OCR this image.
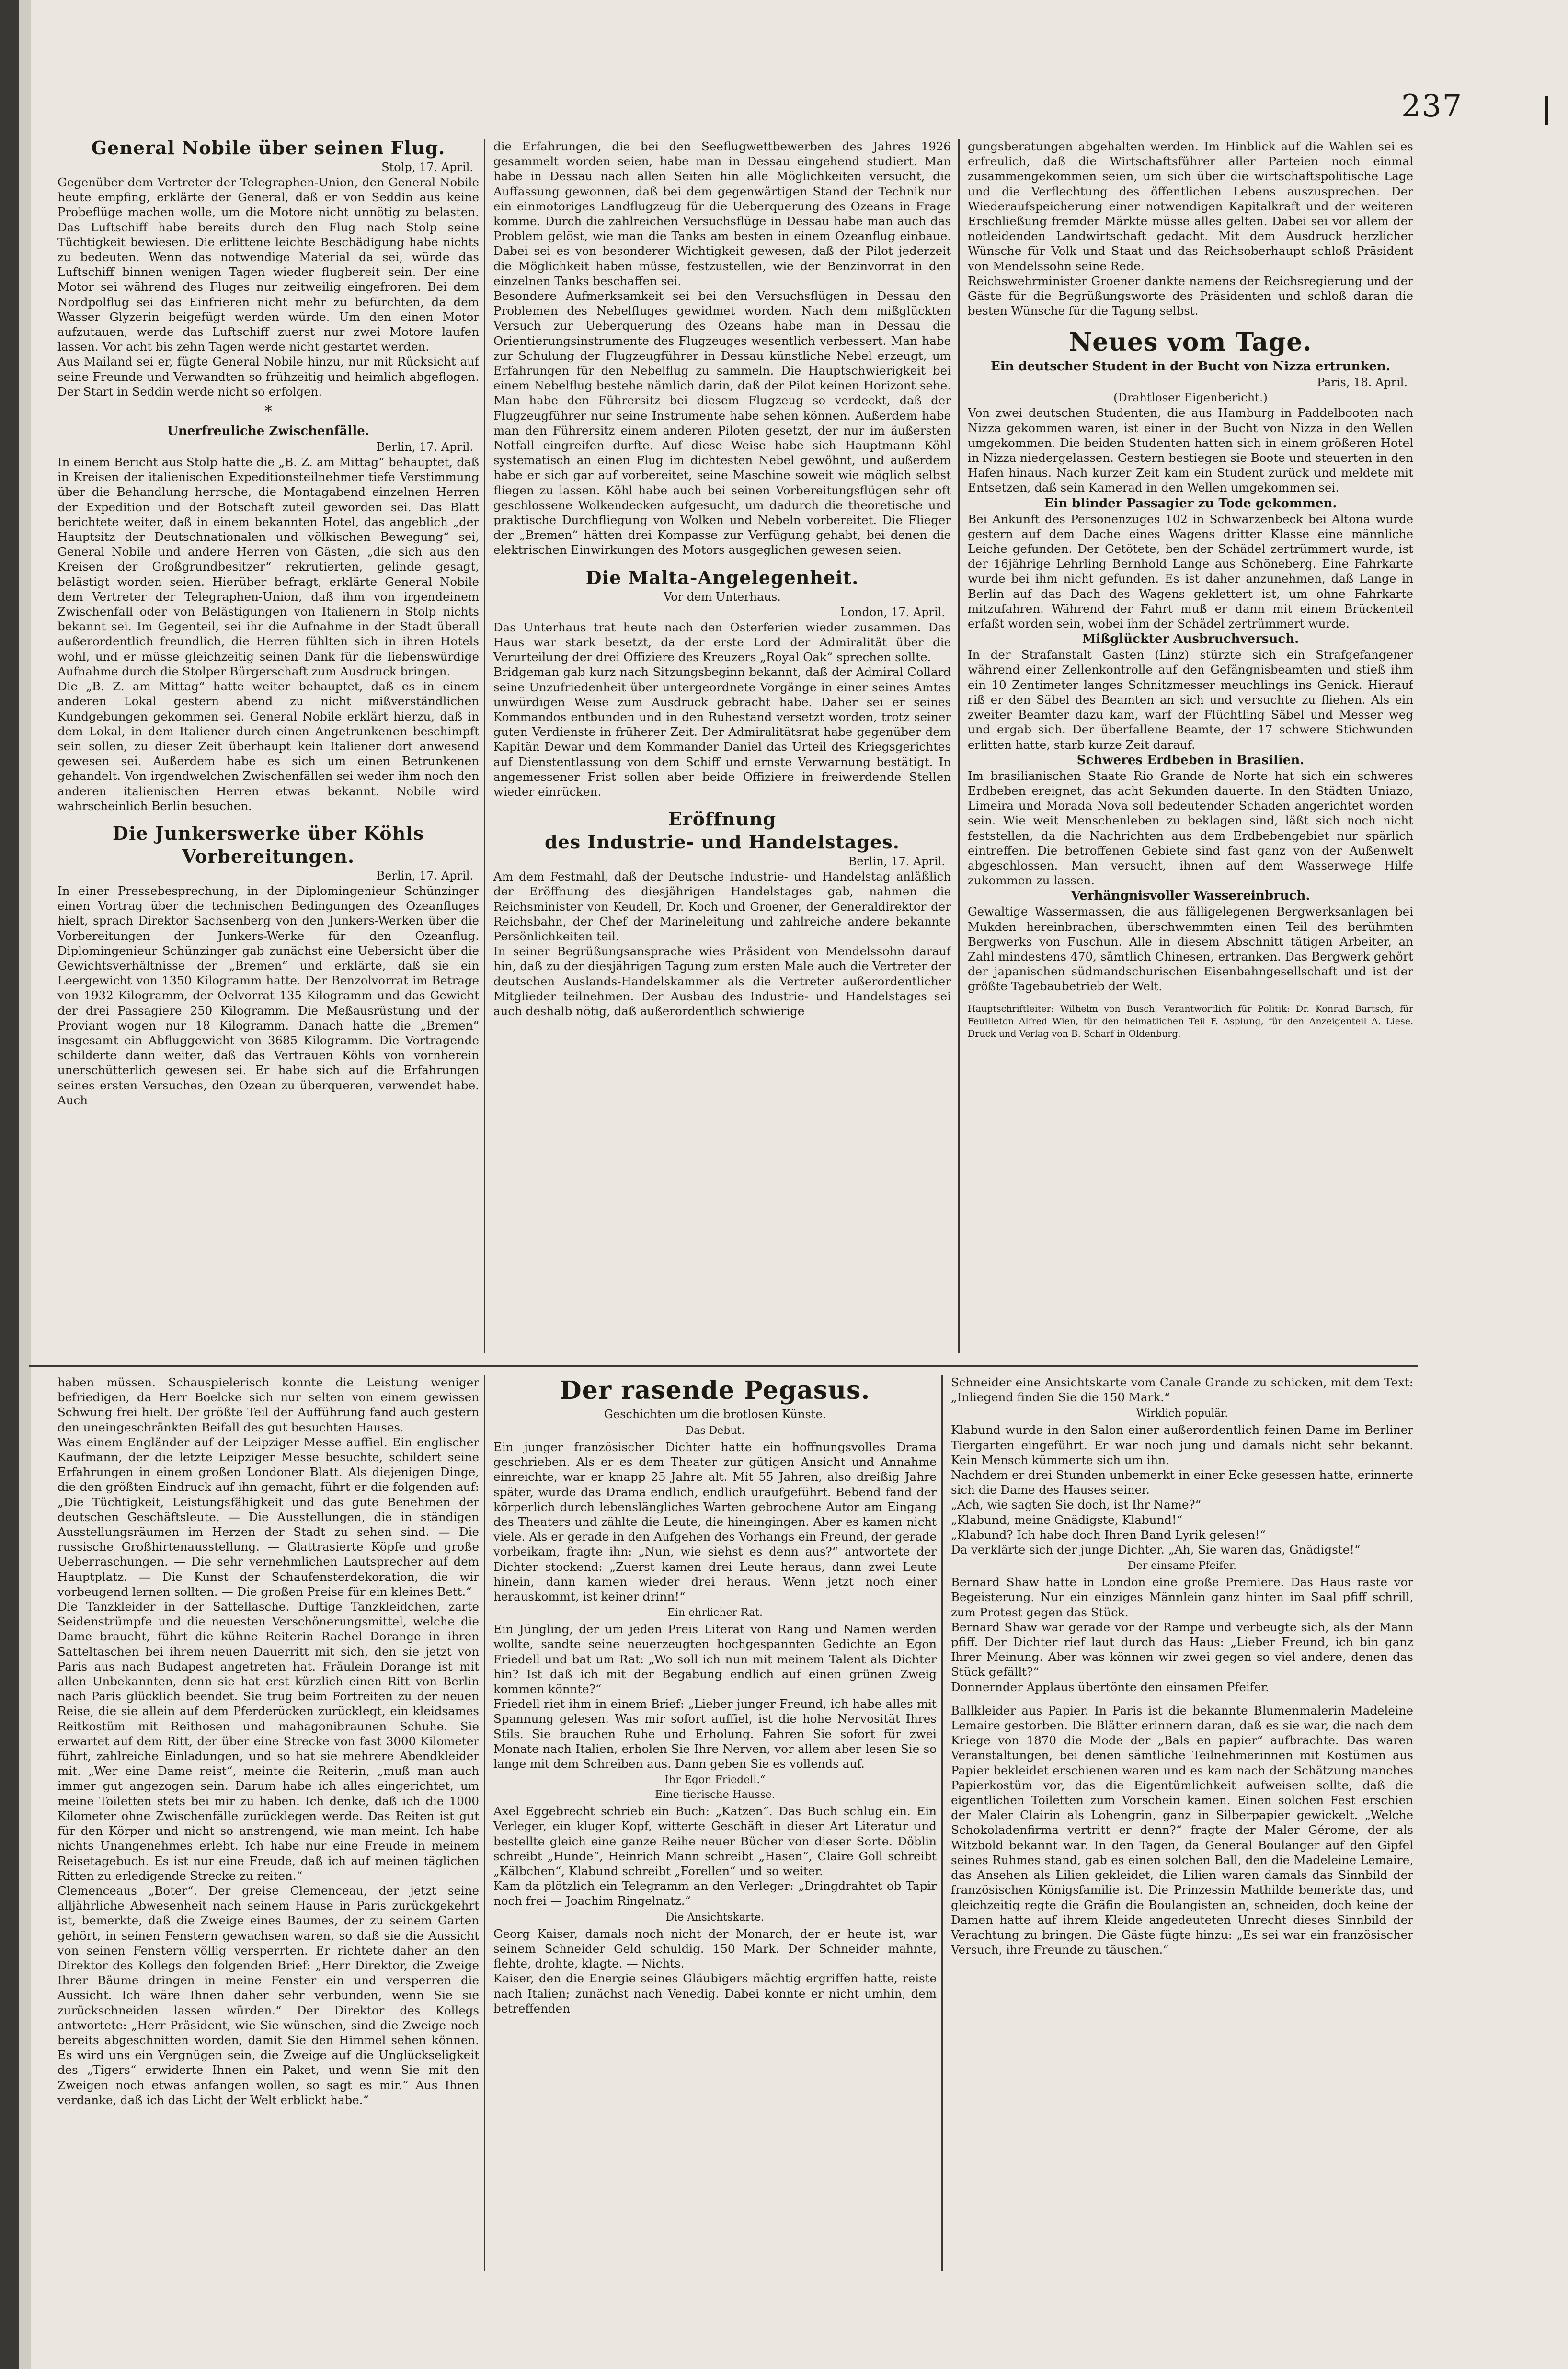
237

General Nobile über seinen Flug.

Stolp, 17. April.

Gegenüber dem Vertreter der Telegraphen-Union, den General Nobile heute empfing, erklärte der General, daß er von Seddin aus keine Probeflüge machen wolle, um die Motore nicht unnötig zu belasten. Das Luftschiff habe bereits durch den Flug nach Stolp seine Tüchtigkeit bewiesen. Die erlittene leichte Beschädigung habe nichts zu bedeuten. Wenn das notwendige Material da sei, würde das Luftschiff binnen wenigen Tagen wieder flugbereit sein. Der eine Motor sei während des Fluges nur zeitweilig eingefroren. Bei dem Nordpolflug sei das Einfrieren nicht mehr zu befürchten, da dem Wasser Glyzerin beigefügt werden würde. Um den einen Motor aufzutauen, werde das Luftschiff zuerst nur zwei Motore laufen lassen. Vor acht bis zehn Tagen werde nicht gestartet werden.

Aus Mailand sei er, fügte General Nobile hinzu, nur mit Rücksicht auf seine Freunde und Verwandten so frühzeitig und heimlich abgeflogen. Der Start in Seddin werde nicht so erfolgen.

*

Unerfreuliche Zwischenfälle.

Berlin, 17. April.

In einem Bericht aus Stolp hatte die „B. Z. am Mittag“ behauptet, daß in Kreisen der italienischen Expeditionsteilnehmer tiefe Verstimmung über die Behandlung herrsche, die Montagabend einzelnen Herren der Expedition und der Botschaft zuteil geworden sei. Das Blatt berichtete weiter, daß in einem bekannten Hotel, das angeblich „der Hauptsitz der Deutschnationalen und völkischen Bewegung“ sei, General Nobile und andere Herren von Gästen, „die sich aus den Kreisen der Großgrundbesitzer“ rekrutierten, gelinde gesagt, belästigt worden seien. Hierüber befragt, erklärte General Nobile dem Vertreter der Telegraphen-Union, daß ihm von irgendeinem Zwischenfall oder von Belästigungen von Italienern in Stolp nichts bekannt sei. Im Gegenteil, sei ihr die Aufnahme in der Stadt überall außerordentlich freundlich, die Herren fühlten sich in ihren Hotels wohl, und er müsse gleichzeitig seinen Dank für die liebenswürdige Aufnahme durch die Stolper Bürgerschaft zum Ausdruck bringen.

Die „B. Z. am Mittag“ hatte weiter behauptet, daß es in einem anderen Lokal gestern abend zu nicht mißverständlichen Kundgebungen gekommen sei. General Nobile erklärt hierzu, daß in dem Lokal, in dem Italiener durch einen Angetrunkenen beschimpft sein sollen, zu dieser Zeit überhaupt kein Italiener dort anwesend gewesen sei. Außerdem habe es sich um einen Betrunkenen gehandelt. Von irgendwelchen Zwischenfällen sei weder ihm noch den anderen italienischen Herren etwas bekannt. Nobile wird wahrscheinlich Berlin besuchen.

Die Junkerswerke über Köhls Vorbereitungen.

Berlin, 17. April.

In einer Pressebesprechung, in der Diplomingenieur Schünzinger einen Vortrag über die technischen Bedingungen des Ozeanfluges hielt, sprach Direktor Sachsenberg von den Junkers-Werken über die Vorbereitungen der Junkers-Werke für den Ozeanflug. Diplomingenieur Schünzinger gab zunächst eine Uebersicht über die Gewichtsverhältnisse der „Bremen“ und erklärte, daß sie ein Leergewicht von 1350 Kilogramm hatte. Der Benzolvorrat im Betrage von 1932 Kilogramm, der Oelvorrat 135 Kilogramm und das Gewicht der drei Passagiere 250 Kilogramm. Die Meßausrüstung und der Proviant wogen nur 18 Kilogramm. Danach hatte die „Bremen“ insgesamt ein Abfluggewicht von 3685 Kilogramm. Die Vortragende schilderte dann weiter, daß das Vertrauen Köhls von vornherein unerschütterlich gewesen sei. Er habe sich auf die Erfahrungen seines ersten Versuches, den Ozean zu überqueren, verwendet habe. Auch

die Erfahrungen, die bei den Seeflugwettbewerben des Jahres 1926 gesammelt worden seien, habe man in Dessau eingehend studiert. Man habe in Dessau nach allen Seiten hin alle Möglichkeiten versucht, die Auffassung gewonnen, daß bei dem gegenwärtigen Stand der Technik nur ein einmotoriges Landflugzeug für die Ueberquerung des Ozeans in Frage komme. Durch die zahlreichen Versuchsflüge in Dessau habe man auch das Problem gelöst, wie man die Tanks am besten in einem Ozeanflug einbaue. Dabei sei es von besonderer Wichtigkeit gewesen, daß der Pilot jederzeit die Möglichkeit haben müsse, festzustellen, wie der Benzinvorrat in den einzelnen Tanks beschaffen sei.

Besondere Aufmerksamkeit sei bei den Versuchsflügen in Dessau den Problemen des Nebelfluges gewidmet worden. Nach dem mißglückten Versuch zur Ueberquerung des Ozeans habe man in Dessau die Orientierungsinstrumente des Flugzeuges wesentlich verbessert. Man habe zur Schulung der Flugzeugführer in Dessau künstliche Nebel erzeugt, um Erfahrungen für den Nebelflug zu sammeln. Die Hauptschwierigkeit bei einem Nebelflug bestehe nämlich darin, daß der Pilot keinen Horizont sehe. Man habe den Führersitz bei diesem Flugzeug so verdeckt, daß der Flugzeugführer nur seine Instrumente habe sehen können. Außerdem habe man den Führersitz einem anderen Piloten gesetzt, der nur im äußersten Notfall eingreifen durfte. Auf diese Weise habe sich Hauptmann Köhl systematisch an einen Flug im dichtesten Nebel gewöhnt, und außerdem habe er sich gar auf vorbereitet, seine Maschine soweit wie möglich selbst fliegen zu lassen. Köhl habe auch bei seinen Vorbereitungsflügen sehr oft geschlossene Wolkendecken aufgesucht, um dadurch die theoretische und praktische Durchfliegung von Wolken und Nebeln vorbereitet. Die Flieger der „Bremen“ hätten drei Kompasse zur Verfügung gehabt, bei denen die elektrischen Einwirkungen des Motors ausgeglichen gewesen seien.

Die Malta-Angelegenheit.

Vor dem Unterhaus.

London, 17. April.

Das Unterhaus trat heute nach den Osterferien wieder zusammen. Das Haus war stark besetzt, da der erste Lord der Admiralität über die Verurteilung der drei Offiziere des Kreuzers „Royal Oak“ sprechen sollte.

Bridgeman gab kurz nach Sitzungsbeginn bekannt, daß der Admiral Collard seine Unzufriedenheit über untergeordnete Vorgänge in einer seines Amtes unwürdigen Weise zum Ausdruck gebracht habe. Daher sei er seines Kommandos entbunden und in den Ruhestand versetzt worden, trotz seiner guten Verdienste in früherer Zeit. Der Admiralitätsrat habe gegenüber dem Kapitän Dewar und dem Kommander Daniel das Urteil des Kriegsgerichtes auf Dienstentlassung von dem Schiff und ernste Verwarnung bestätigt. In angemessener Frist sollen aber beide Offiziere in freiwerdende Stellen wieder einrücken.

Eröffnung

des Industrie- und Handelstages.

Berlin, 17. April.

Am dem Festmahl, daß der Deutsche Industrie- und Handelstag anläßlich der Eröffnung des diesjährigen Handelstages gab, nahmen die Reichsminister von Keudell, Dr. Koch und Groener, der Generaldirektor der Reichsbahn, der Chef der Marineleitung und zahlreiche andere bekannte Persönlichkeiten teil.

In seiner Begrüßungsansprache wies Präsident von Mendelssohn darauf hin, daß zu der diesjährigen Tagung zum ersten Male auch die Vertreter der deutschen Auslands-Handelskammer als die Vertreter außerordentlicher Mitglieder teilnehmen. Der Ausbau des Industrie- und Handelstages sei auch deshalb nötig, daß außerordentlich schwierige

gungsberatungen abgehalten werden. Im Hinblick auf die Wahlen sei es erfreulich, daß die Wirtschaftsführer aller Parteien noch einmal zusammengekommen seien, um sich über die wirtschaftspolitische Lage und die Verflechtung des öffentlichen Lebens auszusprechen. Der Wiederaufspeicherung einer notwendigen Kapitalkraft und der weiteren Erschließung fremder Märkte müsse alles gelten. Dabei sei vor allem der notleidenden Landwirtschaft gedacht. Mit dem Ausdruck herzlicher Wünsche für Volk und Staat und das Reichsoberhaupt schloß Präsident von Mendelssohn seine Rede.

Reichswehrminister Groener dankte namens der Reichsregierung und der Gäste für die Begrüßungsworte des Präsidenten und schloß daran die besten Wünsche für die Tagung selbst.

Neues vom Tage.

Ein deutscher Student in der Bucht von Nizza ertrunken.

Paris, 18. April.

(Drahtloser Eigenbericht.)

Von zwei deutschen Studenten, die aus Hamburg in Paddelbooten nach Nizza gekommen waren, ist einer in der Bucht von Nizza in den Wellen umgekommen. Die beiden Studenten hatten sich in einem größeren Hotel in Nizza niedergelassen. Gestern bestiegen sie Boote und steuerten in den Hafen hinaus. Nach kurzer Zeit kam ein Student zurück und meldete mit Entsetzen, daß sein Kamerad in den Wellen umgekommen sei.

Ein blinder Passagier zu Tode gekommen.

Bei Ankunft des Personenzuges 102 in Schwarzenbeck bei Altona wurde gestern auf dem Dache eines Wagens dritter Klasse eine männliche Leiche gefunden. Der Getötete, ben der Schädel zertrümmert wurde, ist der 16jährige Lehrling Bernhold Lange aus Schöneberg. Eine Fahrkarte wurde bei ihm nicht gefunden. Es ist daher anzunehmen, daß Lange in Berlin auf das Dach des Wagens geklettert ist, um ohne Fahrkarte mitzufahren. Während der Fahrt muß er dann mit einem Brückenteil erfaßt worden sein, wobei ihm der Schädel zertrümmert wurde.

Mißglückter Ausbruchversuch.

In der Strafanstalt Gasten (Linz) stürzte sich ein Strafgefangener während einer Zellenkontrolle auf den Gefängnisbeamten und stieß ihm ein 10 Zentimeter langes Schnitzmesser meuchlings ins Genick. Hierauf riß er den Säbel des Beamten an sich und versuchte zu fliehen. Als ein zweiter Beamter dazu kam, warf der Flüchtling Säbel und Messer weg und ergab sich. Der überfallene Beamte, der 17 schwere Stichwunden erlitten hatte, starb kurze Zeit darauf.

Schweres Erdbeben in Brasilien.

Im brasilianischen Staate Rio Grande de Norte hat sich ein schweres Erdbeben ereignet, das acht Sekunden dauerte. In den Städten Uniazo, Limeira und Morada Nova soll bedeutender Schaden angerichtet worden sein. Wie weit Menschenleben zu beklagen sind, läßt sich noch nicht feststellen, da die Nachrichten aus dem Erdbebengebiet nur spärlich eintreffen. Die betroffenen Gebiete sind fast ganz von der Außenwelt abgeschlossen. Man versucht, ihnen auf dem Wasserwege Hilfe zukommen zu lassen.

Verhängnisvoller Wassereinbruch.

Gewaltige Wassermassen, die aus fälligelegenen Bergwerksanlagen bei Mukden hereinbrachen, überschwemmten einen Teil des berühmten Bergwerks von Fuschun. Alle in diesem Abschnitt tätigen Arbeiter, an Zahl mindestens 470, sämtlich Chinesen, ertranken. Das Bergwerk gehört der japanischen südmandschurischen Eisenbahngesellschaft und ist der größte Tagebaubetrieb der Welt.

Hauptschriftleiter: Wilhelm von Busch. Verantwortlich für Politik: Dr. Konrad Bartsch, für Feuilleton Alfred Wien, für den heimatlichen Teil F. Asplung, für den Anzeigenteil A. Liese. Druck und Verlag von B. Scharf in Oldenburg.

haben müssen. Schauspielerisch konnte die Leistung weniger befriedigen, da Herr Boelcke sich nur selten von einem gewissen Schwung frei hielt. Der größte Teil der Aufführung fand auch gestern den uneingeschränkten Beifall des gut besuchten Hauses.

Was einem Engländer auf der Leipziger Messe auffiel. Ein englischer Kaufmann, der die letzte Leipziger Messe besuchte, schildert seine Erfahrungen in einem großen Londoner Blatt. Als diejenigen Dinge, die den größten Eindruck auf ihn gemacht, führt er die folgenden auf: „Die Tüchtigkeit, Leistungsfähigkeit und das gute Benehmen der deutschen Geschäftsleute. — Die Ausstellungen, die in ständigen Ausstellungsräumen im Herzen der Stadt zu sehen sind. — Die russische Großhirtenausstellung. — Glattrasierte Köpfe und große Ueberraschungen. — Die sehr vernehmlichen Lautsprecher auf dem Hauptplatz. — Die Kunst der Schaufensterdekoration, die wir vorbeugend lernen sollten. — Die großen Preise für ein kleines Bett.“

Die Tanzkleider in der Sattellasche. Duftige Tanzkleidchen, zarte Seidenstrümpfe und die neuesten Verschönerungsmittel, welche die Dame braucht, führt die kühne Reiterin Rachel Dorange in ihren Satteltaschen bei ihrem neuen Dauerritt mit sich, den sie jetzt von Paris aus nach Budapest angetreten hat. Fräulein Dorange ist mit allen Unbekannten, denn sie hat erst kürzlich einen Ritt von Berlin nach Paris glücklich beendet. Sie trug beim Fortreiten zu der neuen Reise, die sie allein auf dem Pferderücken zurücklegt, ein kleidsames Reitkostüm mit Reithosen und mahagonibraunen Schuhe. Sie erwartet auf dem Ritt, der über eine Strecke von fast 3000 Kilometer führt, zahlreiche Einladungen, und so hat sie mehrere Abendkleider mit. „Wer eine Dame reist“, meinte die Reiterin, „muß man auch immer gut angezogen sein. Darum habe ich alles eingerichtet, um meine Toiletten stets bei mir zu haben. Ich denke, daß ich die 1000 Kilometer ohne Zwischenfälle zurücklegen werde. Das Reiten ist gut für den Körper und nicht so anstrengend, wie man meint. Ich habe nichts Unangenehmes erlebt. Ich habe nur eine Freude in meinem Reisetagebuch. Es ist nur eine Freude, daß ich auf meinen täglichen Ritten zu erledigende Strecke zu reiten.“

Clemenceaus „Boter“. Der greise Clemenceau, der jetzt seine alljährliche Abwesenheit nach seinem Hause in Paris zurückgekehrt ist, bemerkte, daß die Zweige eines Baumes, der zu seinem Garten gehört, in seinen Fenstern gewachsen waren, so daß sie die Aussicht von seinen Fenstern völlig versperrten. Er richtete daher an den Direktor des Kollegs den folgenden Brief: „Herr Direktor, die Zweige Ihrer Bäume dringen in meine Fenster ein und versperren die Aussicht. Ich wäre Ihnen daher sehr verbunden, wenn Sie sie zurückschneiden lassen würden.“ Der Direktor des Kollegs antwortete: „Herr Präsident, wie Sie wünschen, sind die Zweige noch bereits abgeschnitten worden, damit Sie den Himmel sehen können. Es wird uns ein Vergnügen sein, die Zweige auf die Unglückseligkeit des „Tigers“ erwiderte Ihnen ein Paket, und wenn Sie mit den Zweigen noch etwas anfangen wollen, so sagt es mir.“ Aus Ihnen verdanke, daß ich das Licht der Welt erblickt habe.“

Der rasende Pegasus.

Geschichten um die brotlosen Künste.

Das Debut.

Ein junger französischer Dichter hatte ein hoffnungsvolles Drama geschrieben. Als er es dem Theater zur gütigen Ansicht und Annahme einreichte, war er knapp 25 Jahre alt. Mit 55 Jahren, also dreißig Jahre später, wurde das Drama endlich, endlich uraufgeführt. Bebend fand der körperlich durch lebenslängliches Warten gebrochene Autor am Eingang des Theaters und zählte die Leute, die hineingingen. Aber es kamen nicht viele. Als er gerade in den Aufgehen des Vorhangs ein Freund, der gerade vorbeikam, fragte ihn: „Nun, wie siehst es denn aus?“ antwortete der Dichter stockend: „Zuerst kamen drei Leute heraus, dann zwei Leute hinein, dann kamen wieder drei heraus. Wenn jetzt noch einer herauskommt, ist keiner drinn!“

Ein ehrlicher Rat.

Ein Jüngling, der um jeden Preis Literat von Rang und Namen werden wollte, sandte seine neuerzeugten hochgespannten Gedichte an Egon Friedell und bat um Rat: „Wo soll ich nun mit meinem Talent als Dichter hin? Ist daß ich mit der Begabung endlich auf einen grünen Zweig kommen könnte?“

Friedell riet ihm in einem Brief: „Lieber junger Freund, ich habe alles mit Spannung gelesen. Was mir sofort auffiel, ist die hohe Nervosität Ihres Stils. Sie brauchen Ruhe und Erholung. Fahren Sie sofort für zwei Monate nach Italien, erholen Sie Ihre Nerven, vor allem aber lesen Sie so lange mit dem Schreiben aus. Dann geben Sie es vollends auf.

Ihr Egon Friedell.“

Eine tierische Hausse.

Axel Eggebrecht schrieb ein Buch: „Katzen“. Das Buch schlug ein. Ein Verleger, ein kluger Kopf, witterte Geschäft in dieser Art Literatur und bestellte gleich eine ganze Reihe neuer Bücher von dieser Sorte. Döblin schreibt „Hunde“, Heinrich Mann schreibt „Hasen“, Claire Goll schreibt „Kälbchen“, Klabund schreibt „Forellen“ und so weiter.

Kam da plötzlich ein Telegramm an den Verleger: „Dringdrahtet ob Tapir noch frei — Joachim Ringelnatz.“

Die Ansichtskarte.

Georg Kaiser, damals noch nicht der Monarch, der er heute ist, war seinem Schneider Geld schuldig. 150 Mark. Der Schneider mahnte, flehte, drohte, klagte. — Nichts.

Kaiser, den die Energie seines Gläubigers mächtig ergriffen hatte, reiste nach Italien; zunächst nach Venedig. Dabei konnte er nicht umhin, dem betreffenden

Schneider eine Ansichtskarte vom Canale Grande zu schicken, mit dem Text: „Inliegend finden Sie die 150 Mark.“

Wirklich populär.

Klabund wurde in den Salon einer außerordentlich feinen Dame im Berliner Tiergarten eingeführt. Er war noch jung und damals nicht sehr bekannt. Kein Mensch kümmerte sich um ihn.

Nachdem er drei Stunden unbemerkt in einer Ecke gesessen hatte, erinnerte sich die Dame des Hauses seiner.

„Ach, wie sagten Sie doch, ist Ihr Name?“

„Klabund, meine Gnädigste, Klabund!“

„Klabund? Ich habe doch Ihren Band Lyrik gelesen!“

Da verklärte sich der junge Dichter. „Ah, Sie waren das, Gnädigste!“

Der einsame Pfeifer.

Bernard Shaw hatte in London eine große Premiere. Das Haus raste vor Begeisterung. Nur ein einziges Männlein ganz hinten im Saal pfiff schrill, zum Protest gegen das Stück.

Bernard Shaw war gerade vor der Rampe und verbeugte sich, als der Mann pfiff. Der Dichter rief laut durch das Haus: „Lieber Freund, ich bin ganz Ihrer Meinung. Aber was können wir zwei gegen so viel andere, denen das Stück gefällt?“

Donnernder Applaus übertönte den einsamen Pfeifer.

Ballkleider aus Papier. In Paris ist die bekannte Blumenmalerin Madeleine Lemaire gestorben. Die Blätter erinnern daran, daß es sie war, die nach dem Kriege von 1870 die Mode der „Bals en papier“ aufbrachte. Das waren Veranstaltungen, bei denen sämtliche Teilnehmerinnen mit Kostümen aus Papier bekleidet erschienen waren und es kam nach der Schätzung manches Papierkostüm vor, das die Eigentümlichkeit aufweisen sollte, daß die eigentlichen Toiletten zum Vorschein kamen. Einen solchen Fest erschien der Maler Clairin als Lohengrin, ganz in Silberpapier gewickelt. „Welche Schokoladenfirma vertritt er denn?“ fragte der Maler Gérome, der als Witzbold bekannt war. In den Tagen, da General Boulanger auf den Gipfel seines Ruhmes stand, gab es einen solchen Ball, den die Madeleine Lemaire, das Ansehen als Lilien gekleidet, die Lilien waren damals das Sinnbild der französischen Königsfamilie ist. Die Prinzessin Mathilde bemerkte das, und gleichzeitig regte die Gräfin die Boulangisten an, schneiden, doch keine der Damen hatte auf ihrem Kleide angedeuteten Unrecht dieses Sinnbild der Verachtung zu bringen. Die Gäste fügte hinzu: „Es sei war ein französischer Versuch, ihre Freunde zu täuschen.“
